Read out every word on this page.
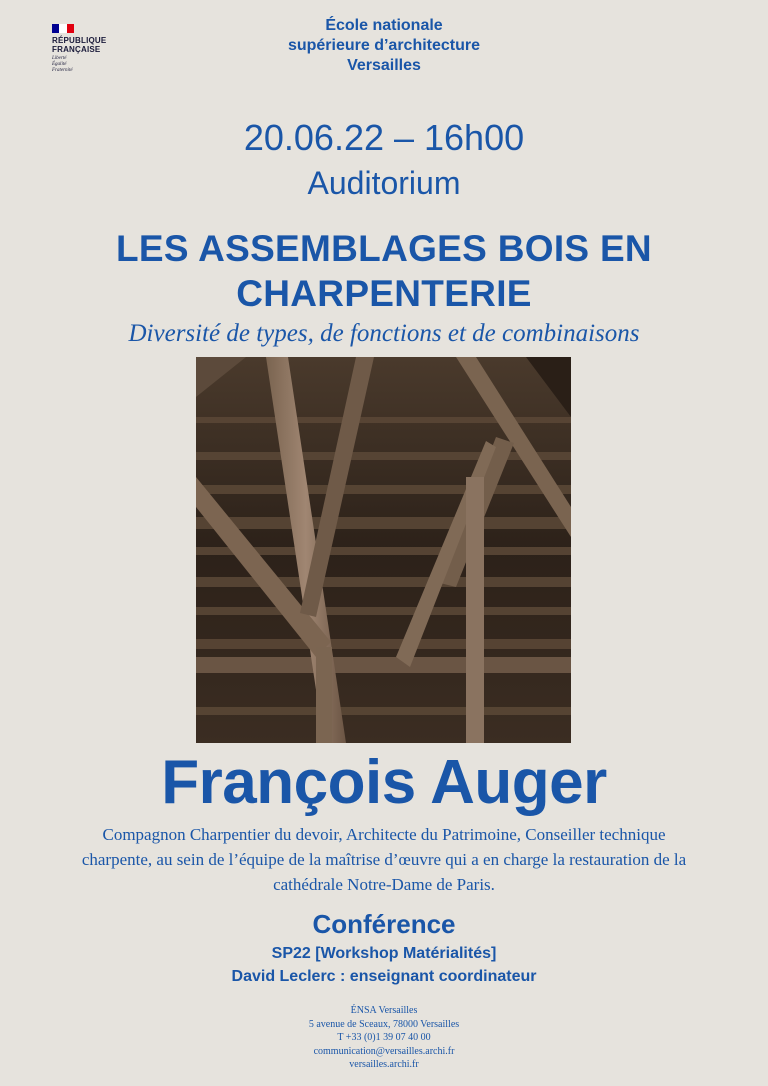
RÉPUBLIQUE
FRANÇAISE
Liberté
Égalité
Fraternité
École nationale
supérieure d’architecture
Versailles
20.06.22 – 16h00
Auditorium
LES ASSEMBLAGES BOIS EN
CHARPENTERIE
Diversité de types, de fonctions et de combinaisons
François Auger
Compagnon Charpentier du devoir, Architecte du Patrimoine, Conseiller technique charpente, au sein de l’équipe de la maîtrise d’œuvre qui a en charge la restauration de la cathédrale Notre-Dame de Paris.
Conférence
SP22 [Workshop Matérialités]
David Leclerc : enseignant coordinateur
ÉNSA Versailles
5 avenue de Sceaux, 78000 Versailles
T +33 (0)1 39 07 40 00
communication@versailles.archi.fr
versailles.archi.fr
